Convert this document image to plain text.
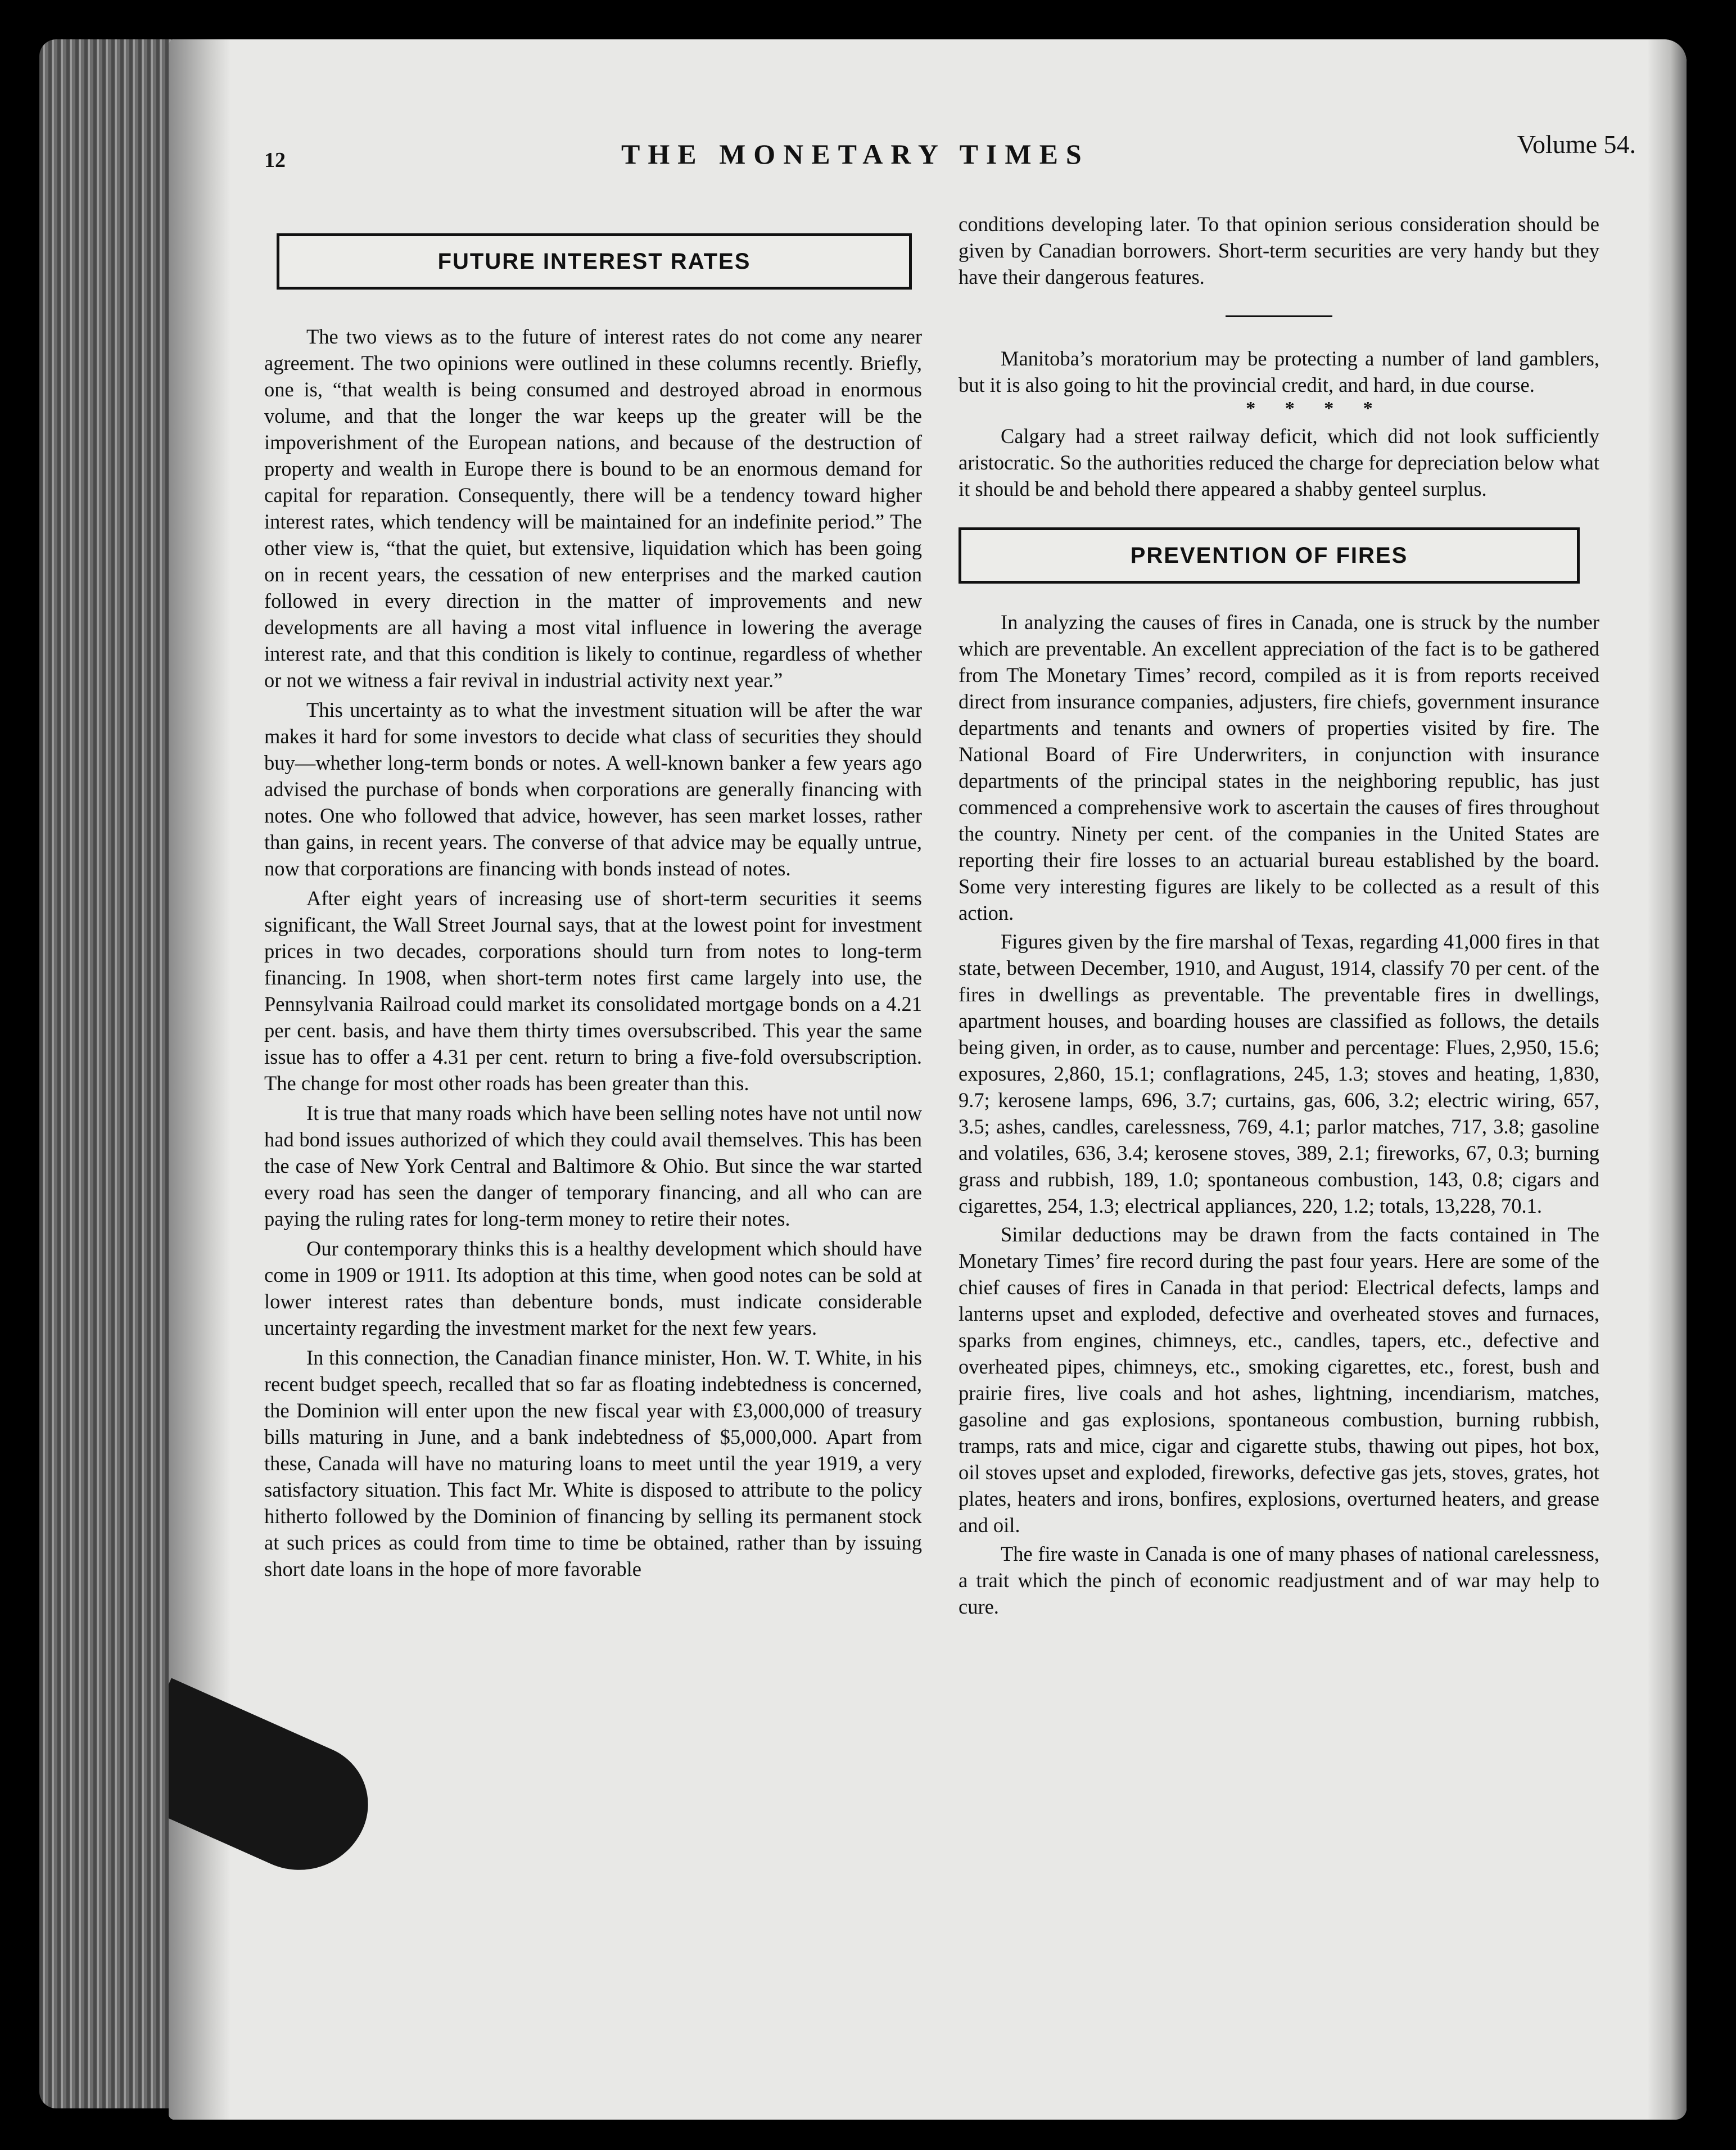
12	THE MONETARY TIMES	Volume 54.
FUTURE INTEREST RATES

The two views as to the future of interest rates do not come any nearer agreement. The two opinions were outlined in these columns recently. Briefly, one is, “that wealth is being consumed and destroyed abroad in enormous volume, and that the longer the war keeps up the greater will be the impoverishment of the European nations, and because of the destruction of property and wealth in Europe there is bound to be an enormous demand for capital for reparation. Consequently, there will be a tendency toward higher interest rates, which tendency will be maintained for an indefinite period.” The other view is, “that the quiet, but extensive, liquidation which has been going on in recent years, the cessation of new enterprises and the marked caution followed in every direction in the matter of improvements and new developments are all having a most vital influence in lowering the average interest rate, and that this condition is likely to continue, regardless of whether or not we witness a fair revival in industrial activity next year.”

This uncertainty as to what the investment situation will be after the war makes it hard for some investors to decide what class of securities they should buy—whether long-term bonds or notes. A well-known banker a few years ago advised the purchase of bonds when corporations are generally financing with notes. One who followed that advice, however, has seen market losses, rather than gains, in recent years. The converse of that advice may be equally untrue, now that corporations are financing with bonds instead of notes.

After eight years of increasing use of short-term securities it seems significant, the Wall Street Journal says, that at the lowest point for investment prices in two decades, corporations should turn from notes to long-term financing. In 1908, when short-term notes first came largely into use, the Pennsylvania Railroad could market its consolidated mortgage bonds on a 4.21 per cent. basis, and have them thirty times oversubscribed. This year the same issue has to offer a 4.31 per cent. return to bring a five-fold oversubscription. The change for most other roads has been greater than this.

It is true that many roads which have been selling notes have not until now had bond issues authorized of which they could avail themselves. This has been the case of New York Central and Baltimore & Ohio. But since the war started every road has seen the danger of temporary financing, and all who can are paying the ruling rates for long-term money to retire their notes.

Our contemporary thinks this is a healthy development which should have come in 1909 or 1911. Its adoption at this time, when good notes can be sold at lower interest rates than debenture bonds, must indicate considerable uncertainty regarding the investment market for the next few years.

In this connection, the Canadian finance minister, Hon. W. T. White, in his recent budget speech, recalled that so far as floating indebtedness is concerned, the Dominion will enter upon the new fiscal year with £3,000,000 of treasury bills maturing in June, and a bank indebtedness of $5,000,000. Apart from these, Canada will have no maturing loans to meet until the year 1919, a very satisfactory situation. This fact Mr. White is disposed to attribute to the policy hitherto followed by the Dominion of financing by selling its permanent stock at such prices as could from time to time be obtained, rather than by issuing short date loans in the hope of more favorable

conditions developing later. To that opinion serious consideration should be given by Canadian borrowers. Short-term securities are very handy but they have their dangerous features.

Manitoba’s moratorium may be protecting a number of land gamblers, but it is also going to hit the provincial credit, and hard, in due course.

* * * *

Calgary had a street railway deficit, which did not look sufficiently aristocratic. So the authorities reduced the charge for depreciation below what it should be and behold there appeared a shabby genteel surplus.

PREVENTION OF FIRES

In analyzing the causes of fires in Canada, one is struck by the number which are preventable. An excellent appreciation of the fact is to be gathered from The Monetary Times’ record, compiled as it is from reports received direct from insurance companies, adjusters, fire chiefs, government insurance departments and tenants and owners of properties visited by fire. The National Board of Fire Underwriters, in conjunction with insurance departments of the principal states in the neighboring republic, has just commenced a comprehensive work to ascertain the causes of fires throughout the country. Ninety per cent. of the companies in the United States are reporting their fire losses to an actuarial bureau established by the board. Some very interesting figures are likely to be collected as a result of this action.

Figures given by the fire marshal of Texas, regarding 41,000 fires in that state, between December, 1910, and August, 1914, classify 70 per cent. of the fires in dwellings as preventable. The preventable fires in dwellings, apartment houses, and boarding houses are classified as follows, the details being given, in order, as to cause, number and percentage: Flues, 2,950, 15.6; exposures, 2,860, 15.1; conflagrations, 245, 1.3; stoves and heating, 1,830, 9.7; kerosene lamps, 696, 3.7; curtains, gas, 606, 3.2; electric wiring, 657, 3.5; ashes, candles, carelessness, 769, 4.1; parlor matches, 717, 3.8; gasoline and volatiles, 636, 3.4; kerosene stoves, 389, 2.1; fireworks, 67, 0.3; burning grass and rubbish, 189, 1.0; spontaneous combustion, 143, 0.8; cigars and cigarettes, 254, 1.3; electrical appliances, 220, 1.2; totals, 13,228, 70.1.

Similar deductions may be drawn from the facts contained in The Monetary Times’ fire record during the past four years. Here are some of the chief causes of fires in Canada in that period: Electrical defects, lamps and lanterns upset and exploded, defective and overheated stoves and furnaces, sparks from engines, chimneys, etc., candles, tapers, etc., defective and overheated pipes, chimneys, etc., smoking cigarettes, etc., forest, bush and prairie fires, live coals and hot ashes, lightning, incendiarism, matches, gasoline and gas explosions, spontaneous combustion, burning rubbish, tramps, rats and mice, cigar and cigarette stubs, thawing out pipes, hot box, oil stoves upset and exploded, fireworks, defective gas jets, stoves, grates, hot plates, heaters and irons, bonfires, explosions, overturned heaters, and grease and oil.

The fire waste in Canada is one of many phases of national carelessness, a trait which the pinch of economic readjustment and of war may help to cure.
